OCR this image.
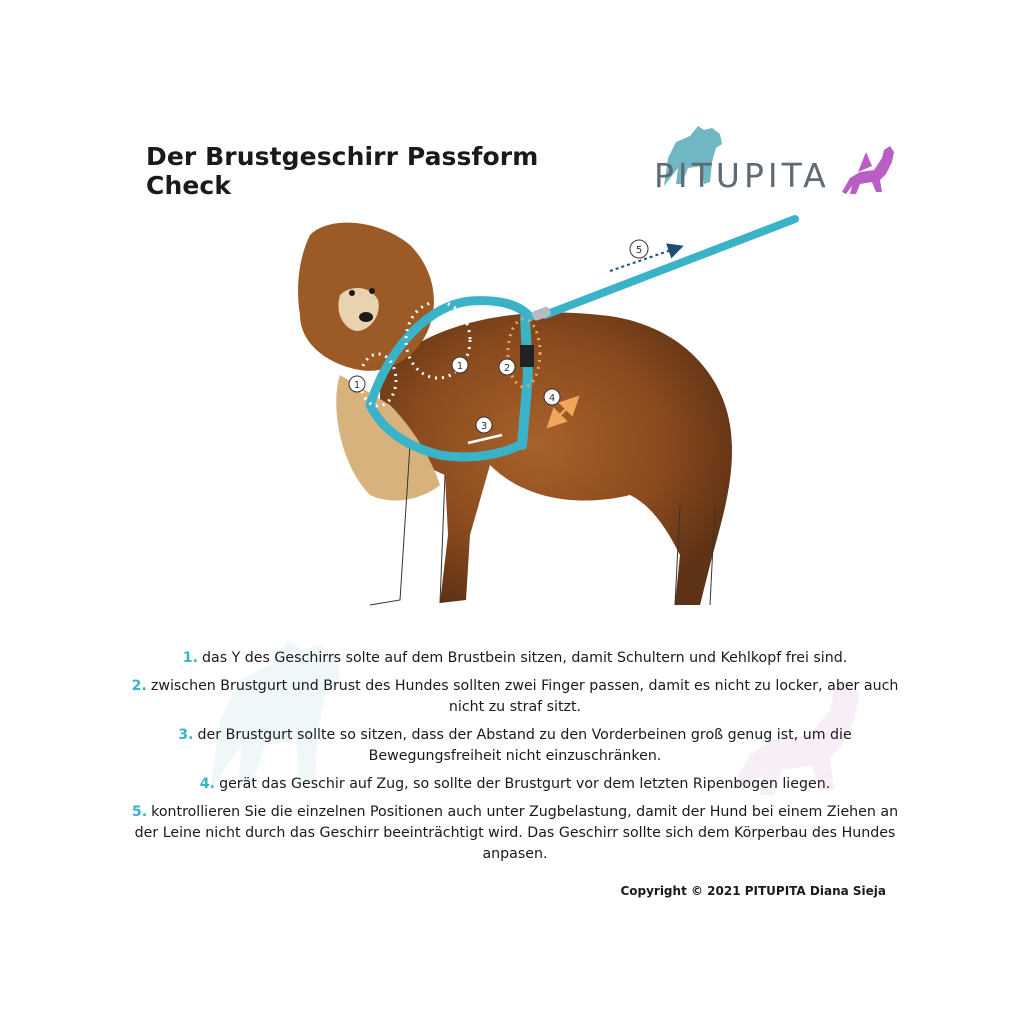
Der Brustgeschirr Passform Check	PITUPITA
1
1	2
3
4
5
1. das Y des Geschirrs solte auf dem Brustbein sitzen, damit Schultern und Kehlkopf frei sind.
2. zwischen Brustgurt und Brust des Hundes sollten zwei Finger passen, damit es nicht zu locker, aber auch nicht zu straf sitzt.
3. der Brustgurt sollte so sitzen, dass der Abstand zu den Vorderbeinen groß genug ist, um die Bewegungsfreiheit nicht einzuschränken.
4. gerät das Geschir auf Zug, so sollte der Brustgurt vor dem letzten Ripenbogen liegen.
5. kontrollieren Sie die einzelnen Positionen auch unter Zugbelastung, damit der Hund bei einem Ziehen an der Leine nicht durch das Geschirr beeinträchtigt wird. Das Geschirr sollte sich dem Körperbau des Hundes anpasen.
Copyright © 2021 PITUPITA Diana Sieja
